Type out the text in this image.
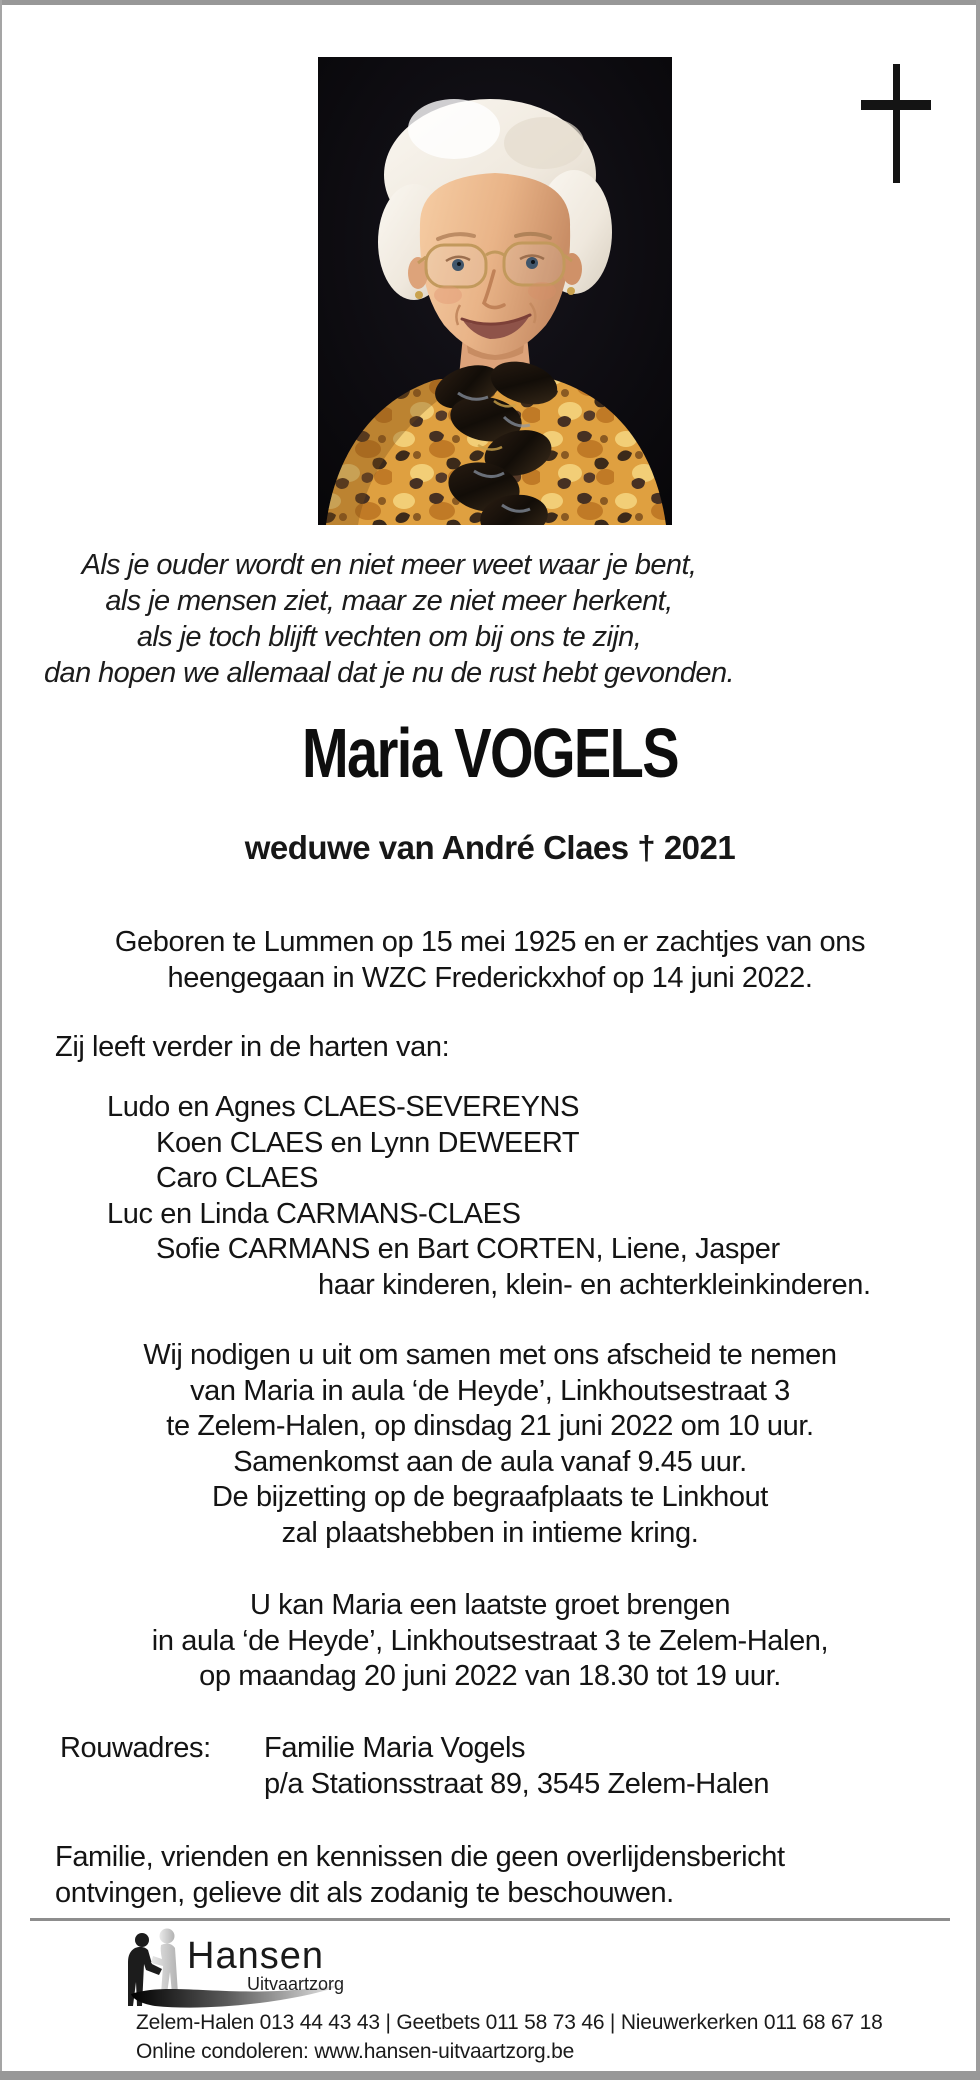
Als je ouder wordt en niet meer weet waar je bent,
als je mensen ziet, maar ze niet meer herkent,
als je toch blijft vechten om bij ons te zijn,
dan hopen we allemaal dat je nu de rust hebt gevonden.
Maria VOGELS
weduwe van André Claes † 2021
Geboren te Lummen op 15 mei 1925 en er zachtjes van ons
heengegaan in WZC Frederickxhof op 14 juni 2022.
Zij leeft verder in de harten van:
Ludo en Agnes CLAES-SEVEREYNS
Koen CLAES en Lynn DEWEERT
Caro CLAES
Luc en Linda CARMANS-CLAES
Sofie CARMANS en Bart CORTEN, Liene, Jasper
haar kinderen, klein- en achterkleinkinderen.
Wij nodigen u uit om samen met ons afscheid te nemen
van Maria in aula ‘de Heyde’, Linkhoutsestraat 3
te Zelem-Halen, op dinsdag 21 juni 2022 om 10 uur.
Samenkomst aan de aula vanaf 9.45 uur.
De bijzetting op de begraafplaats te Linkhout
zal plaatshebben in intieme kring.
U kan Maria een laatste groet brengen
in aula ‘de Heyde’, Linkhoutsestraat 3 te Zelem-Halen,
op maandag 20 juni 2022 van 18.30 tot 19 uur.
Rouwadres:	Familie Maria Vogels
p/a Stationsstraat 89, 3545 Zelem-Halen
Familie, vrienden en kennissen die geen overlijdensbericht
ontvingen, gelieve dit als zodanig te beschouwen.
Hansen
Uitvaartzorg
Zelem-Halen 013 44 43 43 | Geetbets 011 58 73 46 | Nieuwerkerken 011 68 67 18
Online condoleren: www.hansen-uitvaartzorg.be
